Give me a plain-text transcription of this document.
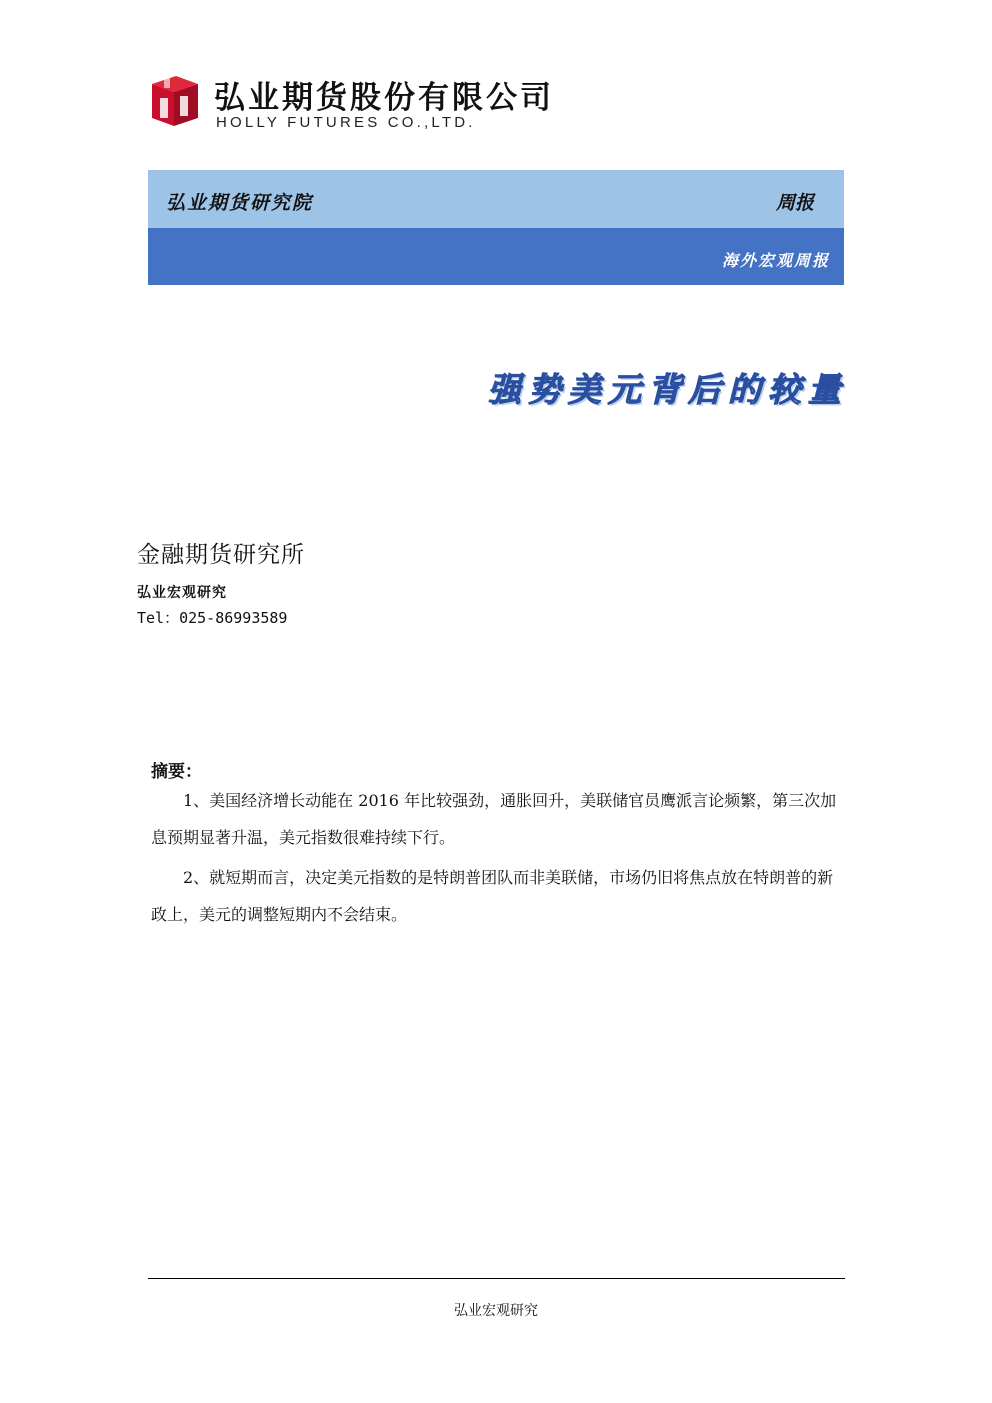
弘业期货股份有限公司
HOLLY FUTURES CO.,LTD.
弘业期货研究院	周报
海外宏观周报
强势美元背后的较量
金融期货研究所
弘业宏观研究
Tel：025-86993589
摘要：

1、美国经济增长动能在 2016 年比较强劲，通胀回升，美联储官员鹰派言论频繁，第三次加息预期显著升温，美元指数很难持续下行。

2、就短期而言，决定美元指数的是特朗普团队而非美联储，市场仍旧将焦点放在特朗普的新政上，美元的调整短期内不会结束。

弘业宏观研究
